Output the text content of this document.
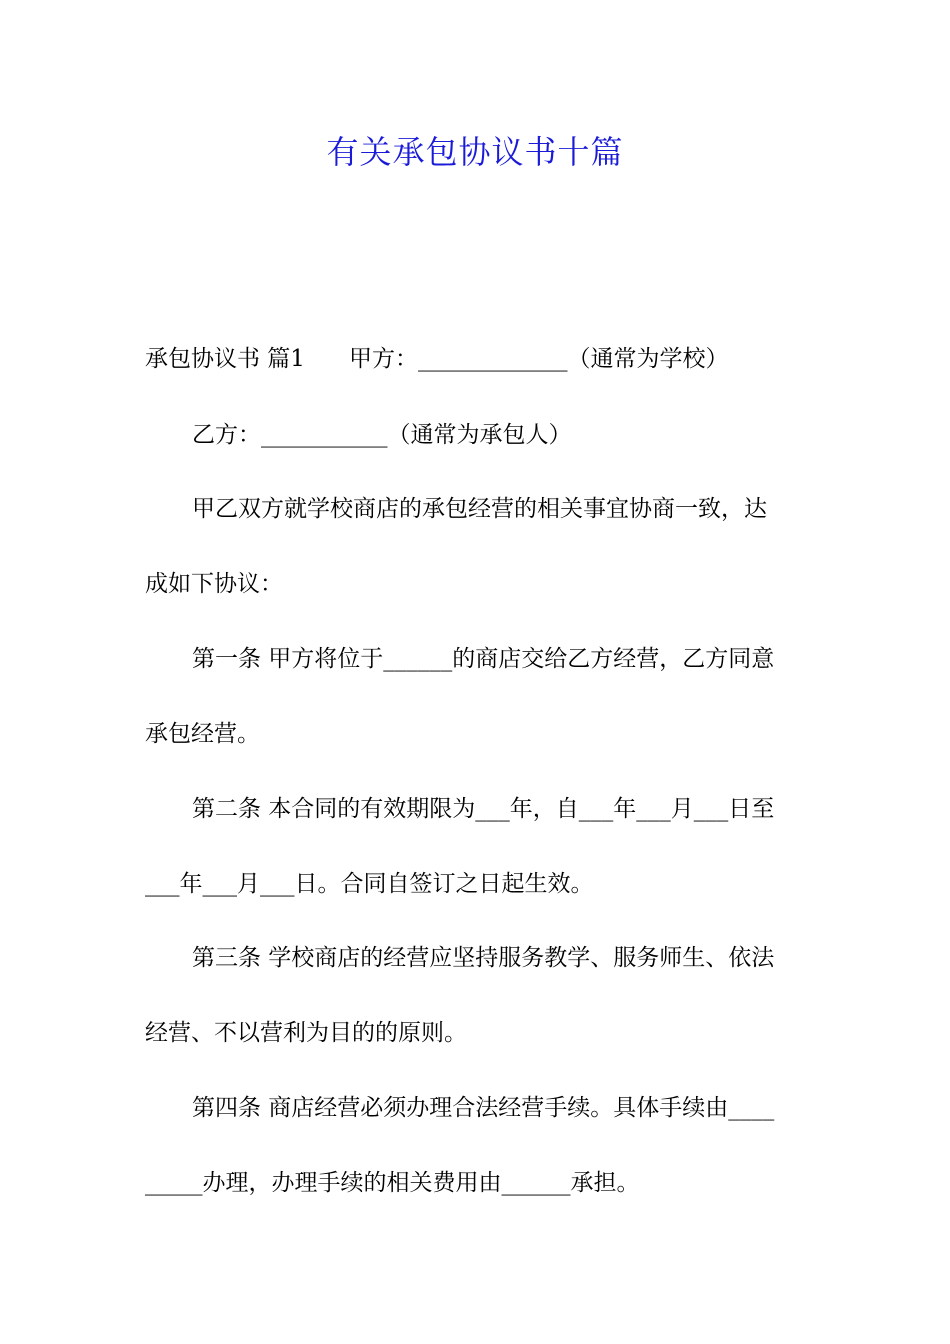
有关承包协议书十篇
承包协议书 篇1 甲方：_____________（通常为学校）
乙方：___________（通常为承包人）
甲乙双方就学校商店的承包经营的相关事宜协商一致，达
成如下协议：
第一条 甲方将位于______的商店交给乙方经营，乙方同意
承包经营。
第二条 本合同的有效期限为___年，自___年___月___日至
___年___月___日。合同自签订之日起生效。
第三条 学校商店的经营应坚持服务教学、服务师生、依法
经营、不以营利为目的的原则。
第四条 商店经营必须办理合法经营手续。具体手续由____
_____办理，办理手续的相关费用由______承担。
